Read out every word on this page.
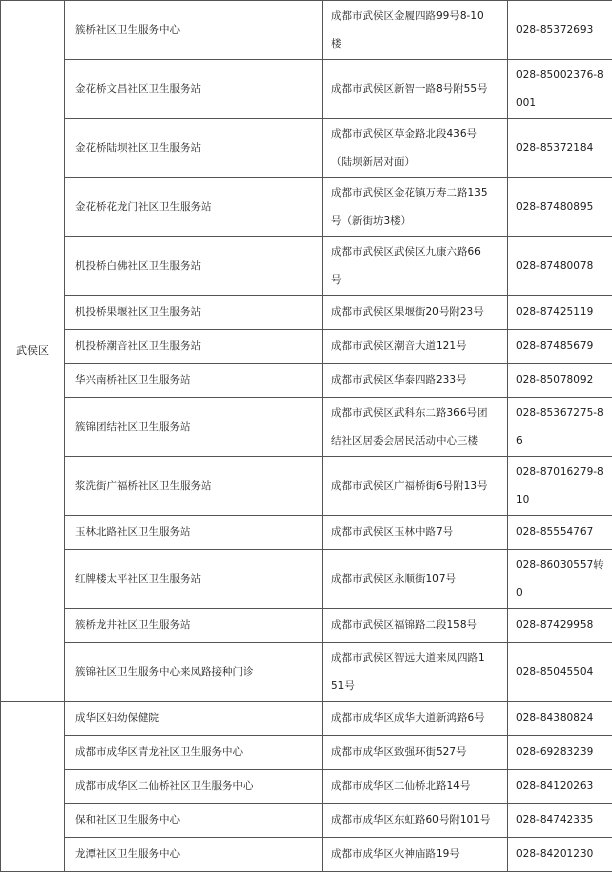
武侯区	簇桥社区卫生服务中心	成都市武侯区金履四路99号8-10
楼	028-85372693

	金花桥文昌社区卫生服务站	成都市武侯区新智一路8号附55号	028-85002376-8
001

	金花桥陆坝社区卫生服务站	成都市武侯区草金路北段436号
（陆坝新居对面）	028-85372184

	金花桥花龙门社区卫生服务站	成都市武侯区金花镇万寿二路135
号（新街坊3楼）	028-87480895

	机投桥白佛社区卫生服务站	成都市武侯区武侯区九康六路66
号	028-87480078

	机投桥果堰社区卫生服务站	成都市武侯区果堰街20号附23号	028-87425119

	机投桥潮音社区卫生服务站	成都市武侯区潮音大道121号	028-87485679

	华兴南桥社区卫生服务站	成都市武侯区华泰四路233号	028-85078092

	簇锦团结社区卫生服务站	成都市武侯区武科东二路366号团
结社区居委会居民活动中心三楼	028-85367275-8
6

	浆洗街广福桥社区卫生服务站	成都市武侯区广福桥街6号附13号	028-87016279-8
10

	玉林北路社区卫生服务站	成都市武侯区玉林中路7号	028-85554767

	红牌楼太平社区卫生服务站	成都市武侯区永顺街107号	028-86030557转
0

	簇桥龙井社区卫生服务站	成都市武侯区福锦路二段158号	028-87429958

	簇锦社区卫生服务中心来凤路接种门诊	成都市武侯区智远大道来凤四路1
51号	028-85045504

	成华区妇幼保健院	成都市成华区成华大道新鸿路6号	028-84380824

	成都市成华区青龙社区卫生服务中心	成都市成华区致强环街527号	028-69283239

	成都市成华区二仙桥社区卫生服务中心	成都市成华区二仙桥北路14号	028-84120263

	保和社区卫生服务中心	成都市成华区东虹路60号附101号	028-84742335

	龙潭社区卫生服务中心	成都市成华区火神庙路19号	028-84201230
